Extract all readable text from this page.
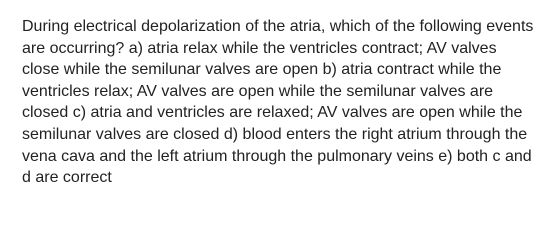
During electrical depolarization of the atria, which of the following events are occurring? a) atria relax while the ventricles contract; AV valves close while the semilunar valves are open b) atria contract while the ventricles relax; AV valves are open while the semilunar valves are closed c) atria and ventricles are relaxed; AV valves are open while the semilunar valves are closed d) blood enters the right atrium through the vena cava and the left atrium through the pulmonary veins e) both c and d are correct
